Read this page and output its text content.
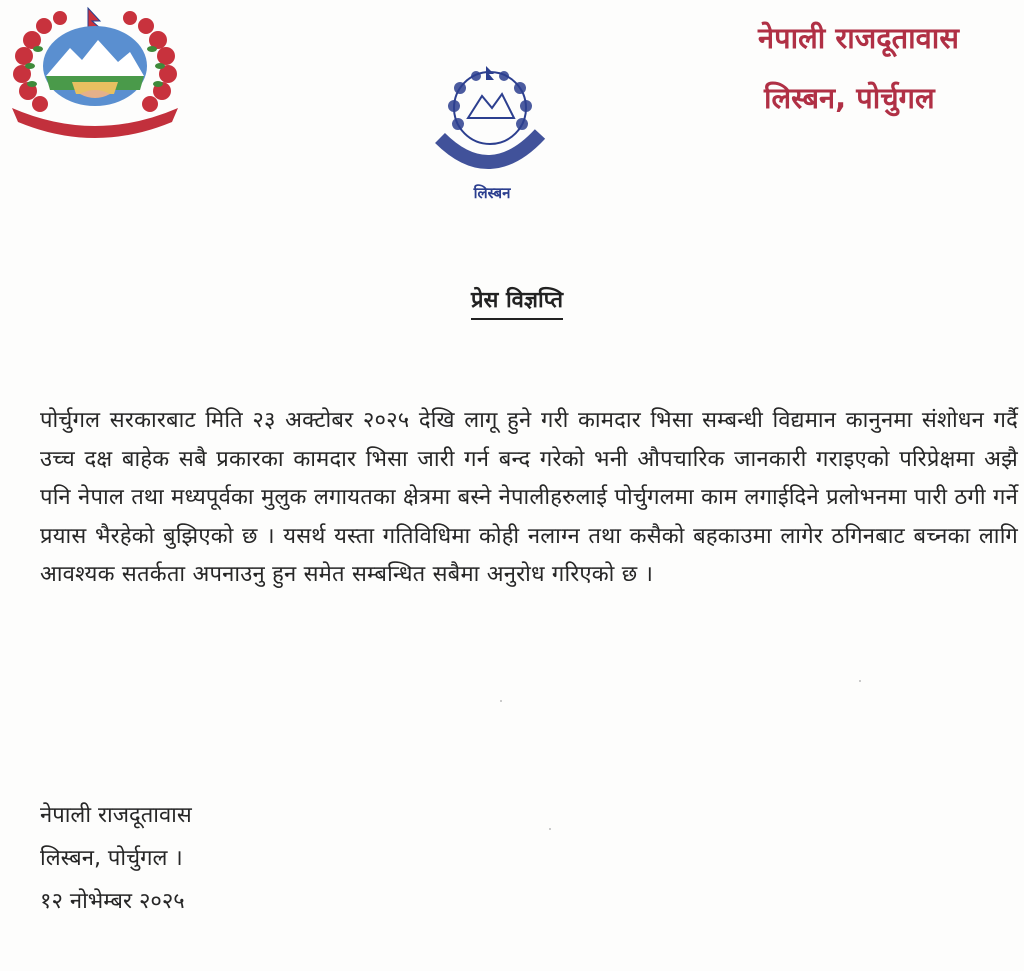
लिस्बन
नेपाली राजदूतावास
लिस्बन, पोर्चुगल
प्रेस विज्ञप्ति
पोर्चुगल सरकारबाट मिति २३ अक्टोबर २०२५ देखि लागू हुने गरी कामदार भिसा सम्बन्धी विद्यमान कानुनमा संशोधन गर्दै उच्च दक्ष बाहेक सबै प्रकारका कामदार भिसा जारी गर्न बन्द गरेको भनी औपचारिक जानकारी गराइएको परिप्रेक्षमा अझै पनि नेपाल तथा मध्यपूर्वका मुलुक लगायतका क्षेत्रमा बस्ने नेपालीहरुलाई पोर्चुगलमा काम लगाईदिने प्रलोभनमा पारी ठगी गर्ने प्रयास भैरहेको बुझिएको छ । यसर्थ यस्ता गतिविधिमा कोही नलाग्न तथा कसैको बहकाउमा लागेर ठगिनबाट बच्नका लागि आवश्यक सतर्कता अपनाउनु हुन समेत सम्बन्धित सबैमा अनुरोध गरिएको छ ।
नेपाली राजदूतावास
लिस्बन, पोर्चुगल ।
१२ नोभेम्बर २०२५
